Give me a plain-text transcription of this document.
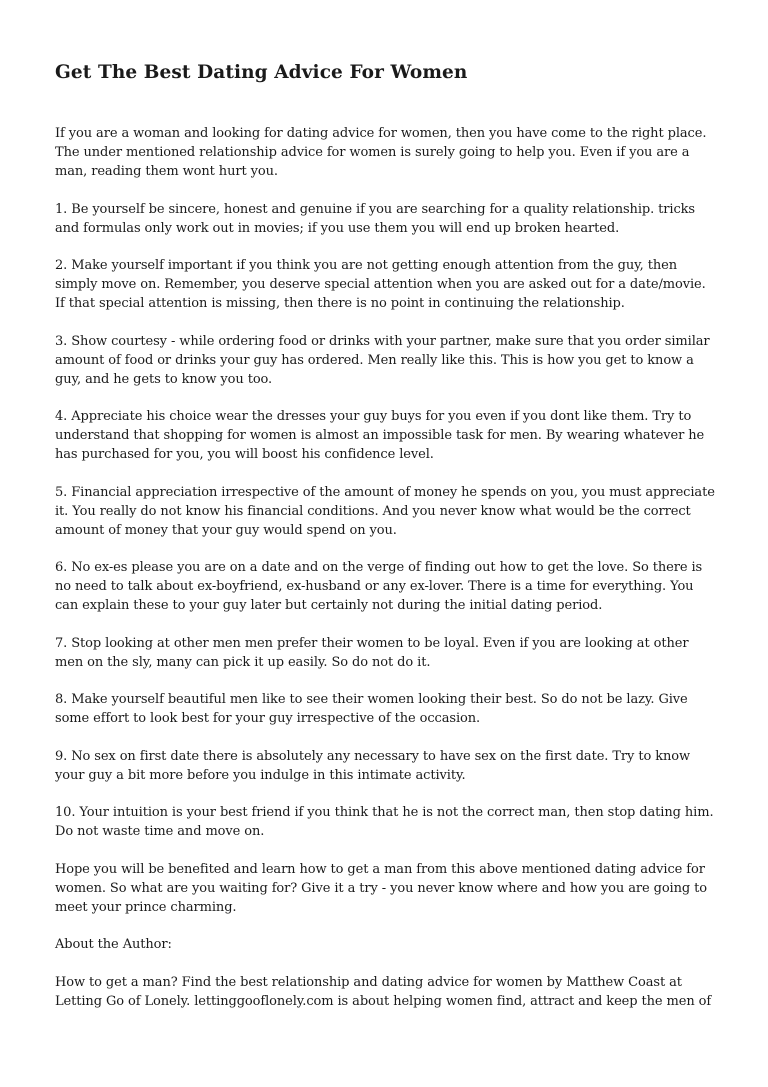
Get The Best Dating Advice For Women

If you are a woman and looking for dating advice for women, then you have come to the right place. The under mentioned relationship advice for women is surely going to help you. Even if you are a man, reading them wont hurt you.

1. Be yourself be sincere, honest and genuine if you are searching for a quality relationship. tricks and formulas only work out in movies; if you use them you will end up broken hearted.

2. Make yourself important if you think you are not getting enough attention from the guy, then simply move on. Remember, you deserve special attention when you are asked out for a date/movie. If that special attention is missing, then there is no point in continuing the relationship.

3. Show courtesy - while ordering food or drinks with your partner, make sure that you order similar amount of food or drinks your guy has ordered. Men really like this. This is how you get to know a guy, and he gets to know you too.

4. Appreciate his choice wear the dresses your guy buys for you even if you dont like them. Try to understand that shopping for women is almost an impossible task for men. By wearing whatever he has purchased for you, you will boost his confidence level.

5. Financial appreciation irrespective of the amount of money he spends on you, you must appreciate it. You really do not know his financial conditions. And you never know what would be the correct amount of money that your guy would spend on you.

6. No ex-es please you are on a date and on the verge of finding out how to get the love. So there is no need to talk about ex-boyfriend, ex-husband or any ex-lover. There is a time for everything. You can explain these to your guy later but certainly not during the initial dating period.

7. Stop looking at other men men prefer their women to be loyal. Even if you are looking at other men on the sly, many can pick it up easily. So do not do it.

8. Make yourself beautiful men like to see their women looking their best. So do not be lazy. Give some effort to look best for your guy irrespective of the occasion.

9. No sex on first date there is absolutely any necessary to have sex on the first date. Try to know your guy a bit more before you indulge in this intimate activity.

10. Your intuition is your best friend if you think that he is not the correct man, then stop dating him. Do not waste time and move on.

Hope you will be benefited and learn how to get a man from this above mentioned dating advice for women. So what are you waiting for? Give it a try - you never know where and how you are going to meet your prince charming.

About the Author:

How to get a man? Find the best relationship and dating advice for women by Matthew Coast at Letting Go of Lonely. lettinggooflonely.com is about helping women find, attract and keep the men of
